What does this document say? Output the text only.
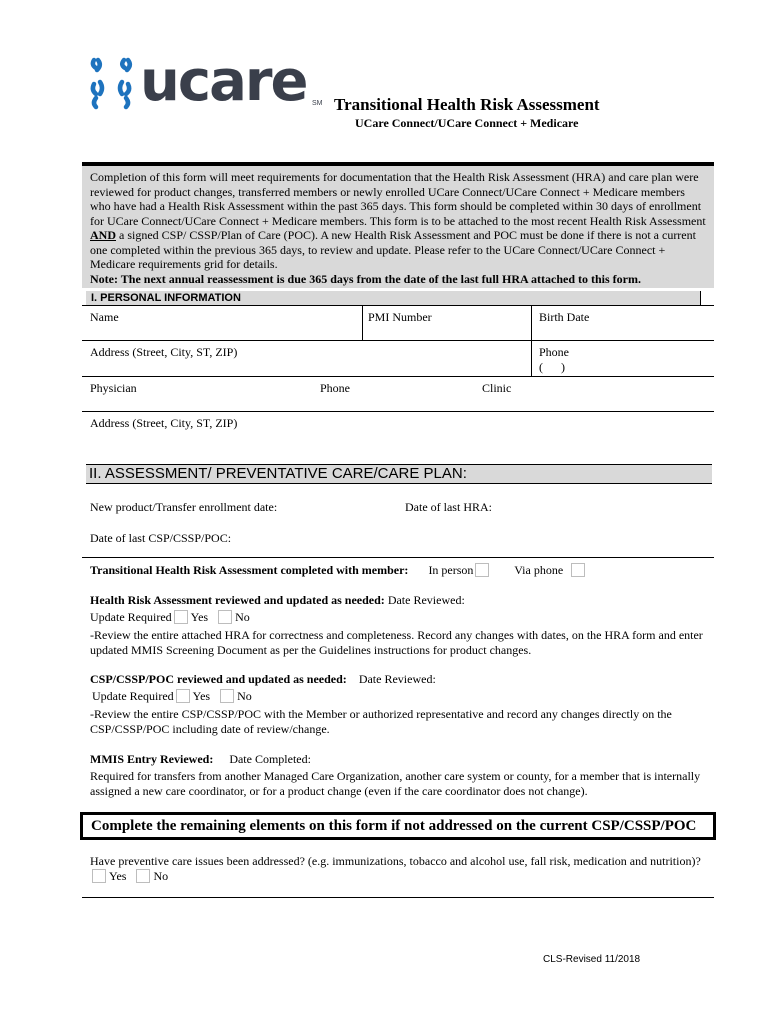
ucare SM Transitional Health Risk Assessment
UCare Connect/UCare Connect + Medicare
Completion of this form will meet requirements for documentation that the Health Risk Assessment (HRA) and care plan were reviewed for product changes, transferred members or newly enrolled UCare Connect/UCare Connect + Medicare members who have had a Health Risk Assessment within the past 365 days. This form should be completed within 30 days of enrollment for UCare Connect/UCare Connect + Medicare members. This form is to be attached to the most recent Health Risk Assessment AND a signed CSP/ CSSP/Plan of Care (POC). A new Health Risk Assessment and POC must be done if there is not a current one completed within the previous 365 days, to review and update. Please refer to the UCare Connect/UCare Connect + Medicare requirements grid for details.
Note: The next annual reassessment is due 365 days from the date of the last full HRA attached to this form.
I. PERSONAL INFORMATION
Name	PMI Number	Birth Date
Address (Street, City, ST, ZIP)	Phone
(      )
Physician	Phone	Clinic
Address (Street, City, ST, ZIP)
II. ASSESSMENT/ PREVENTATIVE CARE/CARE PLAN:
New product/Transfer enrollment date:	Date of last HRA:
Date of last CSP/CSSP/POC:
Transitional Health Risk Assessment completed with member: In person	Via phone
Health Risk Assessment reviewed and updated as needed: Date Reviewed:
Update Required Yes No
-Review the entire attached HRA for correctness and completeness. Record any changes with dates, on the HRA form and enter updated MMIS Screening Document as per the Guidelines instructions for product changes.
CSP/CSSP/POC reviewed and updated as needed: Date Reviewed:
Update Required Yes No
-Review the entire CSP/CSSP/POC with the Member or authorized representative and record any changes directly on the CSP/CSSP/POC including date of review/change.
MMIS Entry Reviewed: Date Completed:
Required for transfers from another Managed Care Organization, another care system or county, for a member that is internally assigned a new care coordinator, or for a product change (even if the care coordinator does not change).
Complete the remaining elements on this form if not addressed on the current CSP/CSSP/POC
Have preventive care issues been addressed? (e.g. immunizations, tobacco and alcohol use, fall risk, medication and nutrition)?Yes No
CLS-Revised 11/2018
